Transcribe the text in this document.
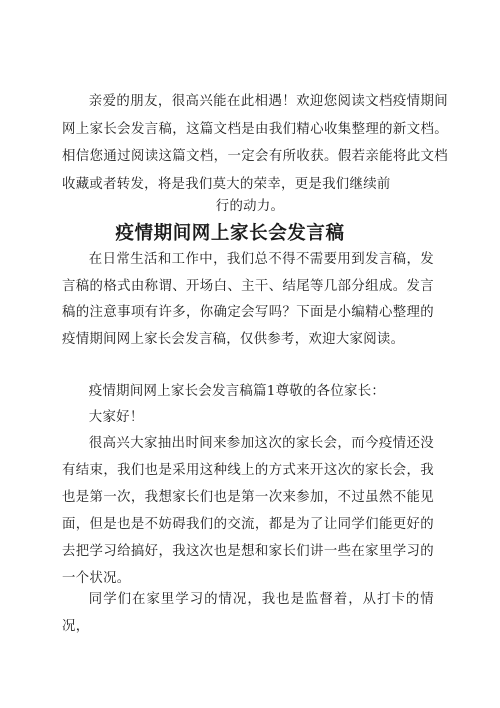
亲爱的朋友，很高兴能在此相遇！欢迎您阅读文档疫情期间网上家长会发言稿，这篇文档是由我们精心收集整理的新文档。相信您通过阅读这篇文档，一定会有所收获。假若亲能将此文档收藏或者转发，将是我们莫大的荣幸，更是我们继续前
行的动力。
疫情期间网上家长会发言稿
在日常生活和工作中，我们总不得不需要用到发言稿，发言稿的格式由称谓、开场白、主干、结尾等几部分组成。发言稿的注意事项有许多，你确定会写吗？下面是小编精心整理的疫情期间网上家长会发言稿，仅供参考，欢迎大家阅读。
疫情期间网上家长会发言稿篇1尊敬的各位家长：
大家好！
很高兴大家抽出时间来参加这次的家长会，而今疫情还没有结束，我们也是采用这种线上的方式来开这次的家长会，我也是第一次，我想家长们也是第一次来参加，不过虽然不能见面，但是也是不妨碍我们的交流，都是为了让同学们能更好的去把学习给搞好，我这次也是想和家长们讲一些在家里学习的一个状况。
同学们在家里学习的情况，我也是监督着，从打卡的情况，
